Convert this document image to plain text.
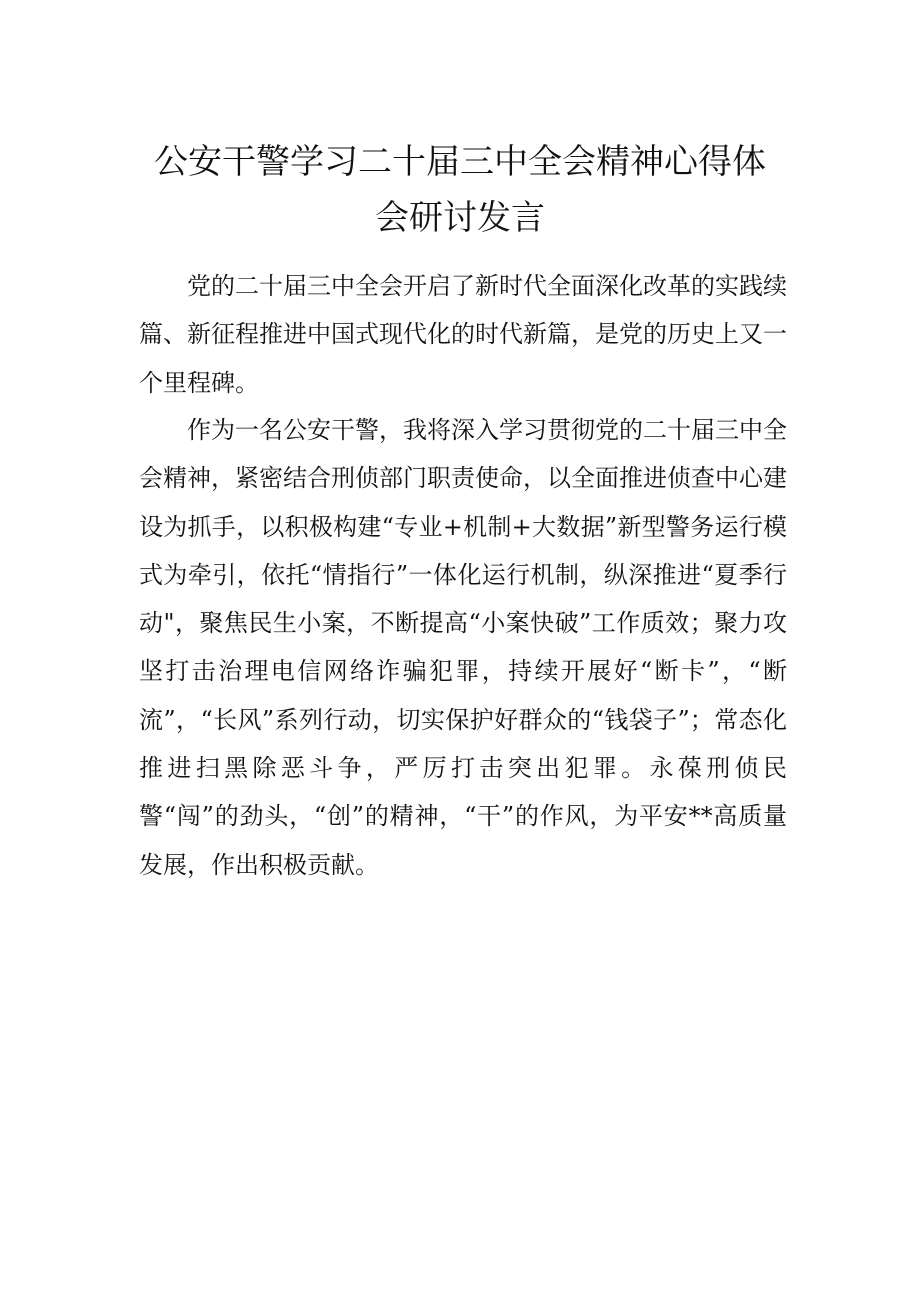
公安干警学习二十届三中全会精神心得体
会研讨发言

党的二十届三中全会开启了新时代全面深化改革的实践续篇、新征程推进中国式现代化的时代新篇，是党的历史上又一个里程碑。

作为一名公安干警，我将深入学习贯彻党的二十届三中全会精神，紧密结合刑侦部门职责使命，以全面推进侦查中心建设为抓手，以积极构建“专业+机制+大数据”新型警务运行模式为牵引，依托“情指行”一体化运行机制，纵深推进“夏季行动"，聚焦民生小案，不断提高“小案快破”工作质效；聚力攻坚打击治理电信网络诈骗犯罪，持续开展好“断卡”，“断流”，“长风”系列行动，切实保护好群众的“钱袋子”；常态化推进扫黑除恶斗争，严厉打击突出犯罪。永葆刑侦民警“闯”的劲头，“创”的精神，“干”的作风，为平安**高质量发展，作出积极贡献。
